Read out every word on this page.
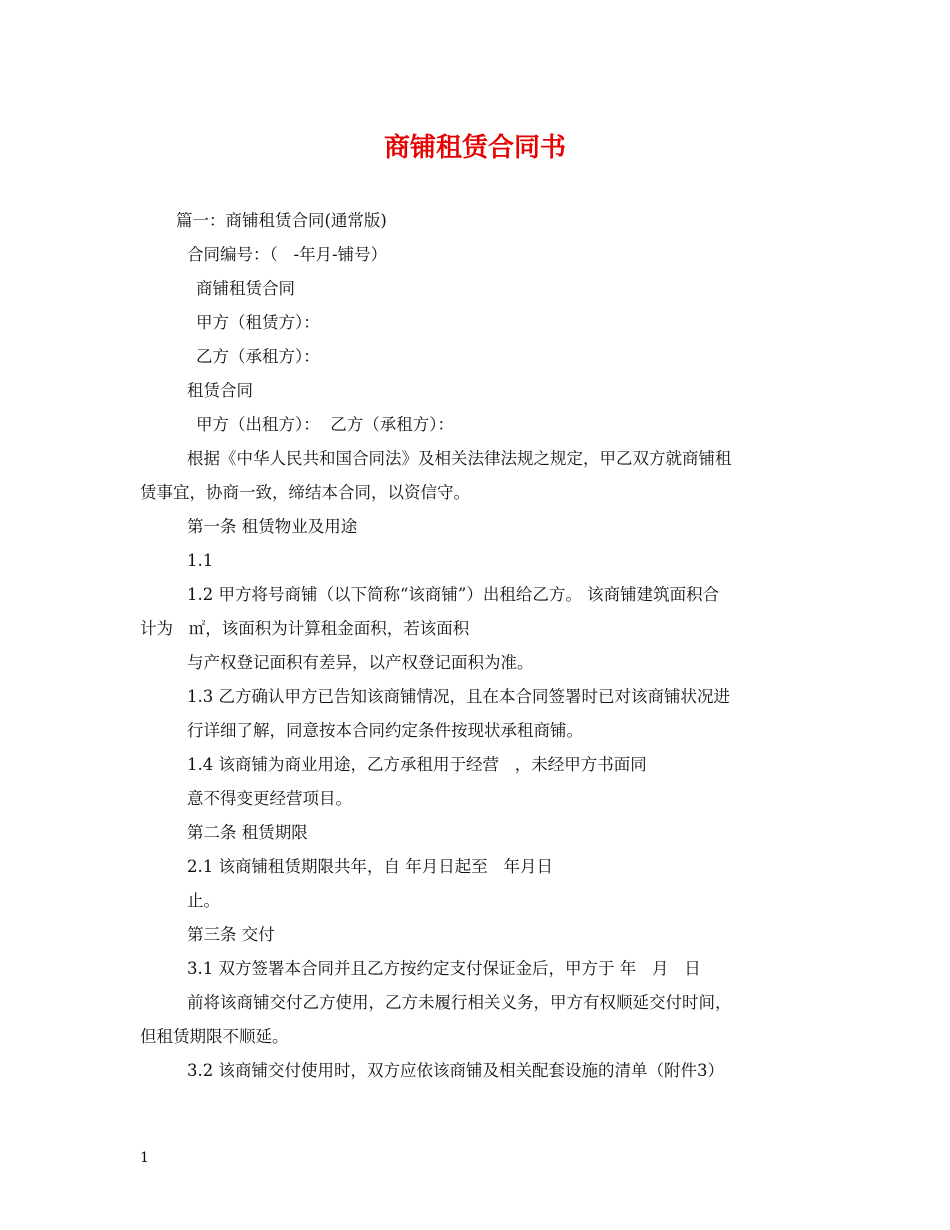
商铺租赁合同书
篇一：商铺租赁合同(通常版)
合同编号：（   -年月-铺号）
商铺租赁合同
甲方（租赁方）：
乙方（承租方）：
租赁合同
甲方（出租方）：  乙方（承租方）：
根据《中华人民共和国合同法》及相关法律法规之规定，甲乙双方就商铺租
赁事宜，协商一致，缔结本合同，以资信守。
第一条 租赁物业及用途
1.1
1.2 甲方将号商铺（以下简称“该商铺”）出租给乙方。 该商铺建筑面积合
计为   ㎡，该面积为计算租金面积，若该面积
与产权登记面积有差异，以产权登记面积为准。
1.3 乙方确认甲方已告知该商铺情况，且在本合同签署时已对该商铺状况进
行详细了解，同意按本合同约定条件按现状承租商铺。
1.4 该商铺为商业用途，乙方承租用于经营   ，未经甲方书面同
意不得变更经营项目。
第二条 租赁期限
2.1 该商铺租赁期限共年，自 年月日起至   年月日
止。
第三条 交付
3.1 双方签署本合同并且乙方按约定支付保证金后，甲方于 年   月   日
前将该商铺交付乙方使用，乙方未履行相关义务，甲方有权顺延交付时间，
但租赁期限不顺延。
3.2 该商铺交付使用时，双方应依该商铺及相关配套设施的清单（附件3）
1
